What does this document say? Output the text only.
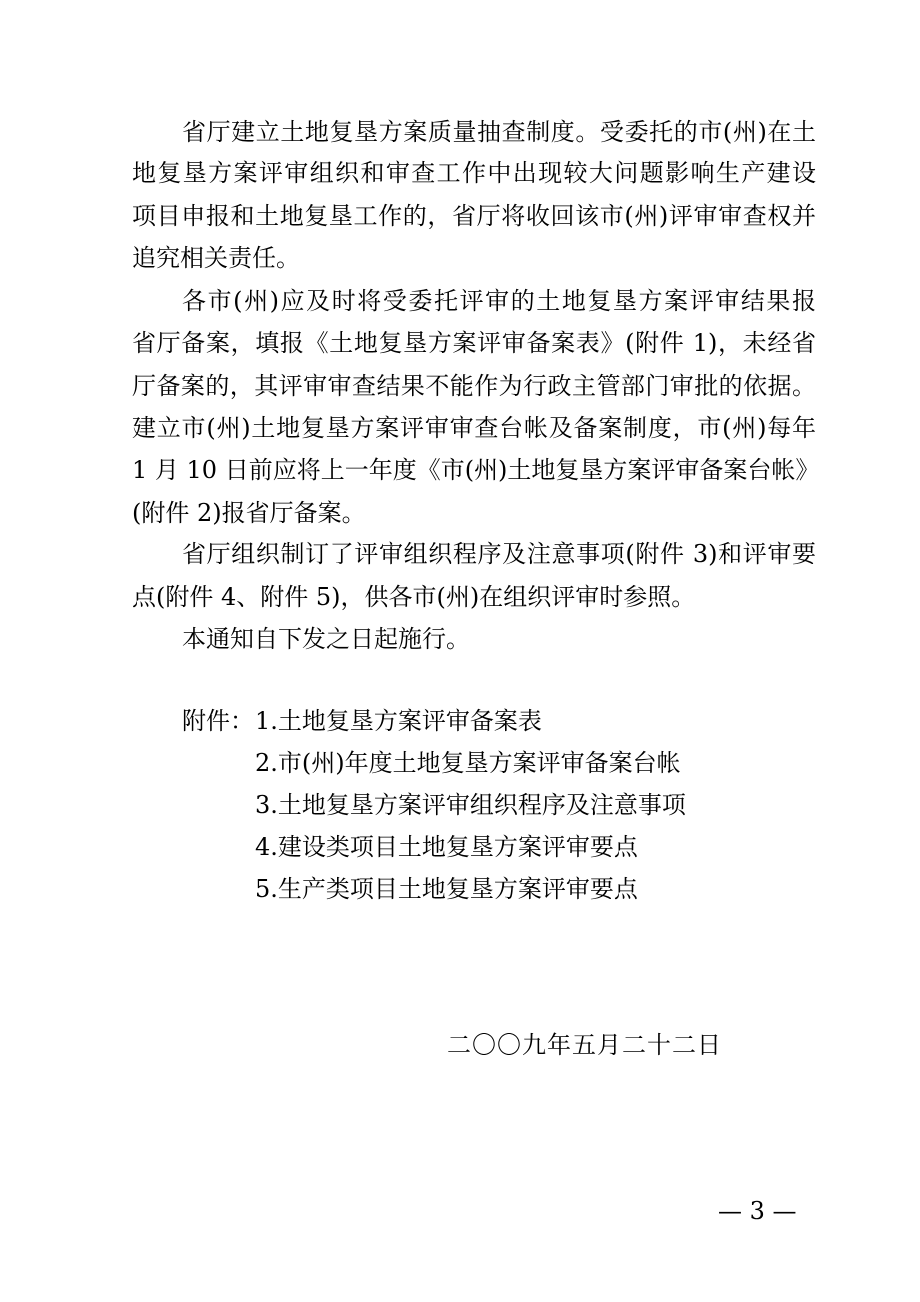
省厅建立土地复垦方案质量抽查制度。受委托的市(州)在土
地复垦方案评审组织和审查工作中出现较大问题影响生产建设
项目申报和土地复垦工作的，省厅将收回该市(州)评审审查权并
追究相关责任。
各市(州)应及时将受委托评审的土地复垦方案评审结果报
省厅备案，填报《土地复垦方案评审备案表》(附件 1)，未经省
厅备案的，其评审审查结果不能作为行政主管部门审批的依据。
建立市(州)土地复垦方案评审审查台帐及备案制度，市(州)每年
1 月 10 日前应将上一年度《市(州)土地复垦方案评审备案台帐》
(附件 2)报省厅备案。
省厅组织制订了评审组织程序及注意事项(附件 3)和评审要
点(附件 4、附件 5)，供各市(州)在组织评审时参照。
本通知自下发之日起施行。
附件： 1.土地复垦方案评审备案表
2.市(州)年度土地复垦方案评审备案台帐
3.土地复垦方案评审组织程序及注意事项
4.建设类项目土地复垦方案评审要点
5.生产类项目土地复垦方案评审要点
二〇〇九年五月二十二日
— 3 —
